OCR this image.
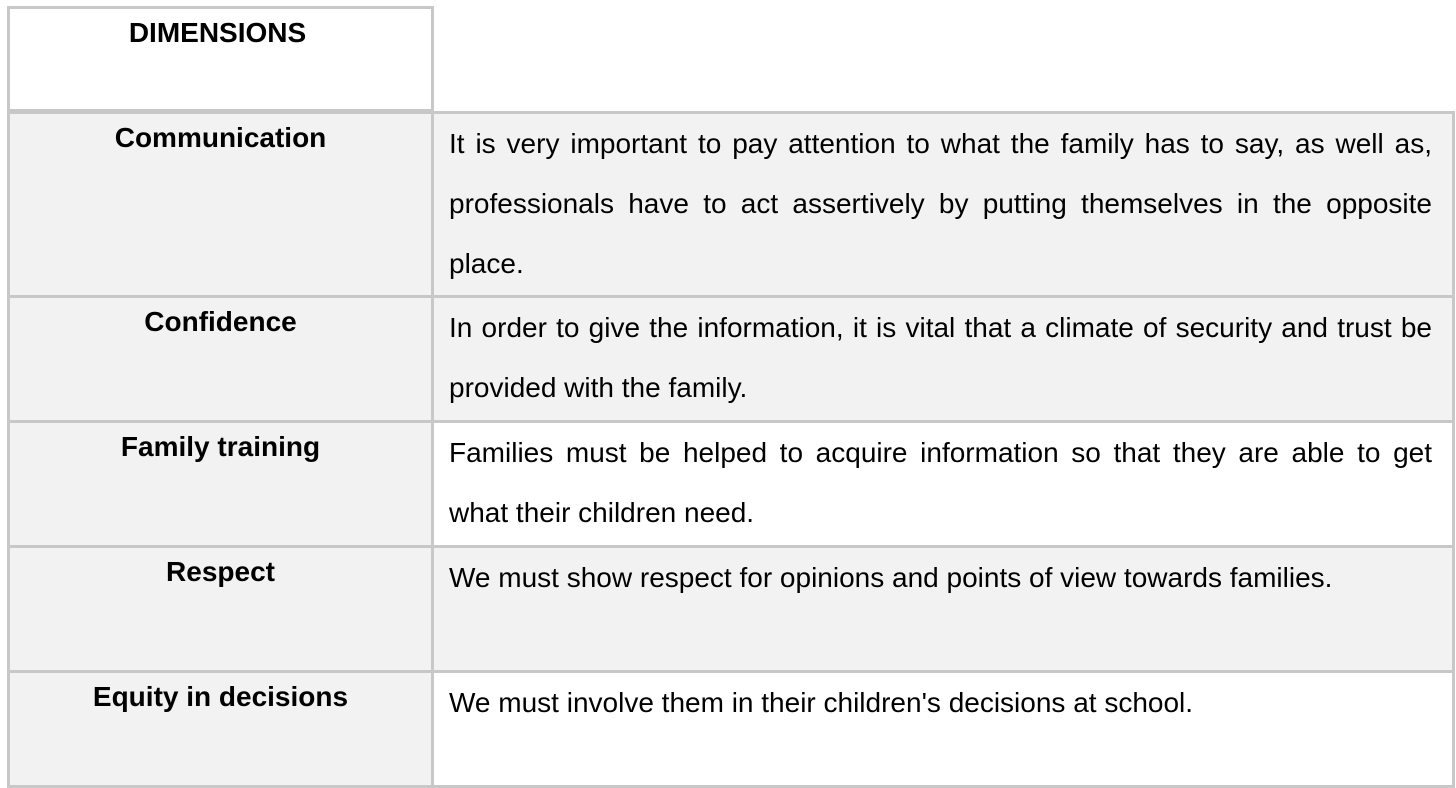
DIMENSIONS
Communication	It is very important to pay attention to what the family has to say, as well as, professionals have to act assertively by putting themselves in the opposite place.
Confidence	In order to give the information, it is vital that a climate of security and trust be provided with the family.
Family training	Families must be helped to acquire information so that they are able to get what their children need.
Respect	We must show respect for opinions and points of view towards families.
Equity in decisions	We must involve them in their children's decisions at school.
